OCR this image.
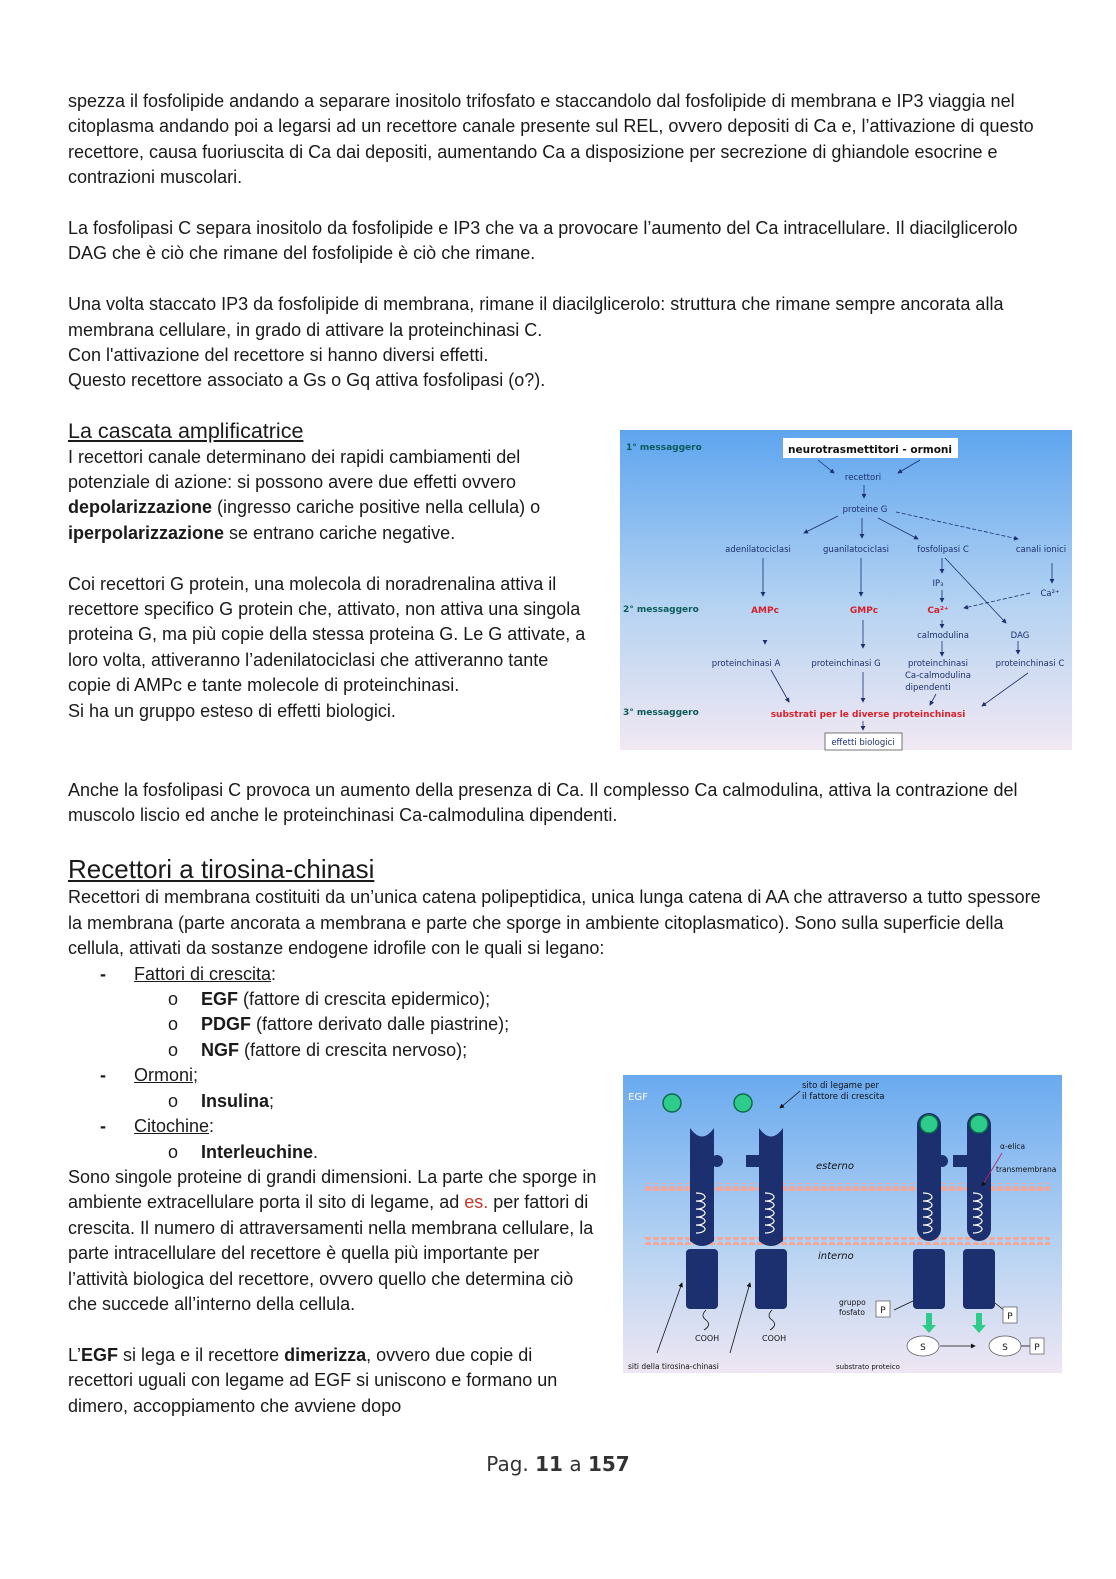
spezza il fosfolipide andando a separare inositolo trifosfato e staccandolo dal fosfolipide di membrana e IP3 viaggia nel citoplasma andando poi a legarsi ad un recettore canale presente sul REL, ovvero depositi di Ca e, l’attivazione di questo recettore, causa fuoriuscita di Ca dai depositi, aumentando Ca a disposizione per secrezione di ghiandole esocrine e contrazioni muscolari.

La fosfolipasi C separa inositolo da fosfolipide e IP3 che va a provocare l’aumento del Ca intracellulare. Il diacilglicerolo DAG che è ciò che rimane del fosfolipide è ciò che rimane.

Una volta staccato IP3 da fosfolipide di membrana, rimane il diacilglicerolo: struttura che rimane sempre ancorata alla membrana cellulare, in grado di attivare la proteinchinasi C.

Con l'attivazione del recettore si hanno diversi effetti.

Questo recettore associato a Gs o Gq attiva fosfolipasi (o?).

La cascata amplificatrice

I recettori canale determinano dei rapidi cambiamenti del potenziale di azione: si possono avere due effetti ovvero depolarizzazione (ingresso cariche positive nella cellula) o iperpolarizzazione se entrano cariche negative.

Coi recettori G protein, una molecola di noradrenalina attiva il recettore specifico G protein che, attivato, non attiva una singola proteina G, ma più copie della stessa proteina G. Le G attivate, a loro volta, attiveranno l’adenilatociclasi che attiveranno tante copie di AMPc e tante molecole di proteinchinasi.

Si ha un gruppo esteso di effetti biologici.

1° messaggero
2° messaggero
3° messaggero
neurotrasmettitori - ormoni
recettori
proteine G
adenilatociclasi	guanilatociclasi	fosfolipasi C	canali ionici
IP₃
Ca²⁺
calmodulina	DAG
proteinchinasi A	proteinchinasi G	proteinchinasi
Ca-calmodulina
dipendenti
proteinchinasi C
AMPc	GMPc	Ca²⁺
substrati per le diverse proteinchinasi
effetti biologici

Anche la fosfolipasi C provoca un aumento della presenza di Ca. Il complesso Ca calmodulina, attiva la contrazione del muscolo liscio ed anche le proteinchinasi Ca-calmodulina dipendenti.

Recettori a tirosina-chinasi

Recettori di membrana costituiti da un’unica catena polipeptidica, unica lunga catena di AA che attraverso a tutto spessore la membrana (parte ancorata a membrana e parte che sporge in ambiente citoplasmatico). Sono sulla superficie della cellula, attivati da sostanze endogene idrofile con le quali si legano:

- Fattori di crescita:
o EGF (fattore di crescita epidermico);
o PDGF (fattore derivato dalle piastrine);
o NGF (fattore di crescita nervoso);
EGF
sito di legame per
il fattore di crescita
esterno
interno
α-elica
transmembrana
COOH	COOH
siti della tirosina-chinasi
gruppo
fosfato P
P
P
S	S
substrato proteico
- Ormoni;
o Insulina;
- Citochine:
o Interleuchine.

Sono singole proteine di grandi dimensioni. La parte che sporge in ambiente extracellulare porta il sito di legame, ad es. per fattori di crescita. Il numero di attraversamenti nella membrana cellulare, la parte intracellulare del recettore è quella più importante per l’attività biologica del recettore, ovvero quello che determina ciò che succede all’interno della cellula.

L’EGF si lega e il recettore dimerizza, ovvero due copie di recettori uguali con legame ad EGF si uniscono e formano un dimero, accoppiamento che avviene dopo

Pag. 11 a 157
